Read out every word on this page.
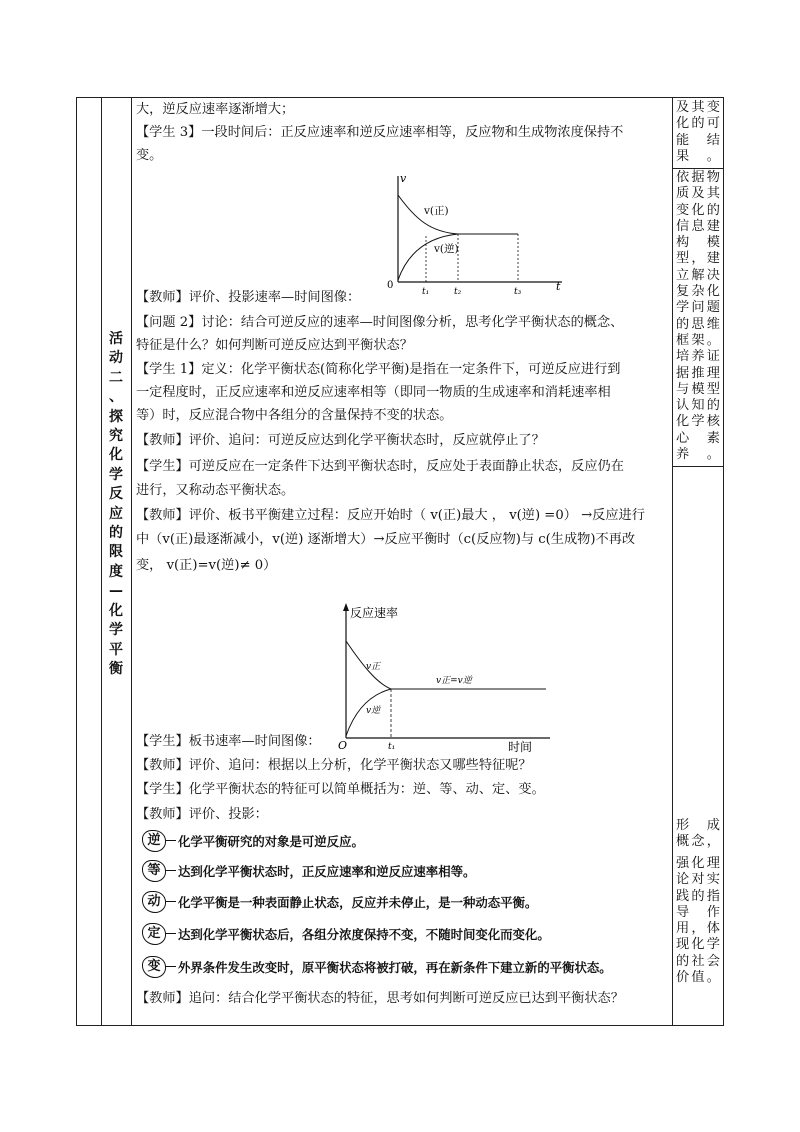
活
动
二
、
探
究
化
学
反
应
的
限
度
—
化
学
平
衡
大，逆反应速率逐渐增大；
【学生 3】一段时间后：正反应速率和逆反应速率相等，反应物和生成物浓度保持不
变。
v
0	t
v(正)
v(逆)
t₁	t₂	t₃
【教师】评价、投影速率—时间图像：
【问题 2】讨论：结合可逆反应的速率—时间图像分析，思考化学平衡状态的概念、
特征是什么？如何判断可逆反应达到平衡状态？
【学生 1】定义：化学平衡状态(简称化学平衡)是指在一定条件下，可逆反应进行到
一定程度时，正反应速率和逆反应速率相等（即同一物质的生成速率和消耗速率相
等）时，反应混合物中各组分的含量保持不变的状态。
【教师】评价、追问：可逆反应达到化学平衡状态时，反应就停止了？
【学生】可逆反应在一定条件下达到平衡状态时，反应处于表面静止状态，反应仍在
进行，又称动态平衡状态。
【教师】评价、板书平衡建立过程：反应开始时（ v(正)最大 ， v(逆) =0） →反应进行
中（v(正)最逐渐减小，v(逆) 逐渐增大）→反应平衡时（c(反应物)与 c(生成物)不再改
变， v(正)=v(逆)≠ 0）
反应速率
时间
O
v正
v逆
v正=v逆
t₁
【学生】板书速率—时间图像：
【教师】评价、追问：根据以上分析，化学平衡状态又哪些特征呢？
【学生】化学平衡状态的特征可以简单概括为：逆、等、动、定、变。
【教师】评价、投影：
逆	化学平衡研究的对象是可逆反应。
等	达到化学平衡状态时，正反应速率和逆反应速率相等。
动	化学平衡是一种表面静止状态，反应并未停止，是一种动态平衡。
定	达到化学平衡状态后，各组分浓度保持不变，不随时间变化而变化。
变	外界条件发生改变时，原平衡状态将被打破，再在新条件下建立新的平衡状态。
【教师】追问：结合化学平衡状态的特征，思考如何判断可逆反应已达到平衡状态？
及其变
化的可
能　结
果。
依据物
质及其
变化的
信息建
构　模
型，建
立解决
复杂化
学问题
的思维
框架。
培养证
据推理
与模型
认知的
化学核
心　素
养。
形成
概念，
强化理
论对实
践的指
导作
用，体
现化学
的社会
价值。
